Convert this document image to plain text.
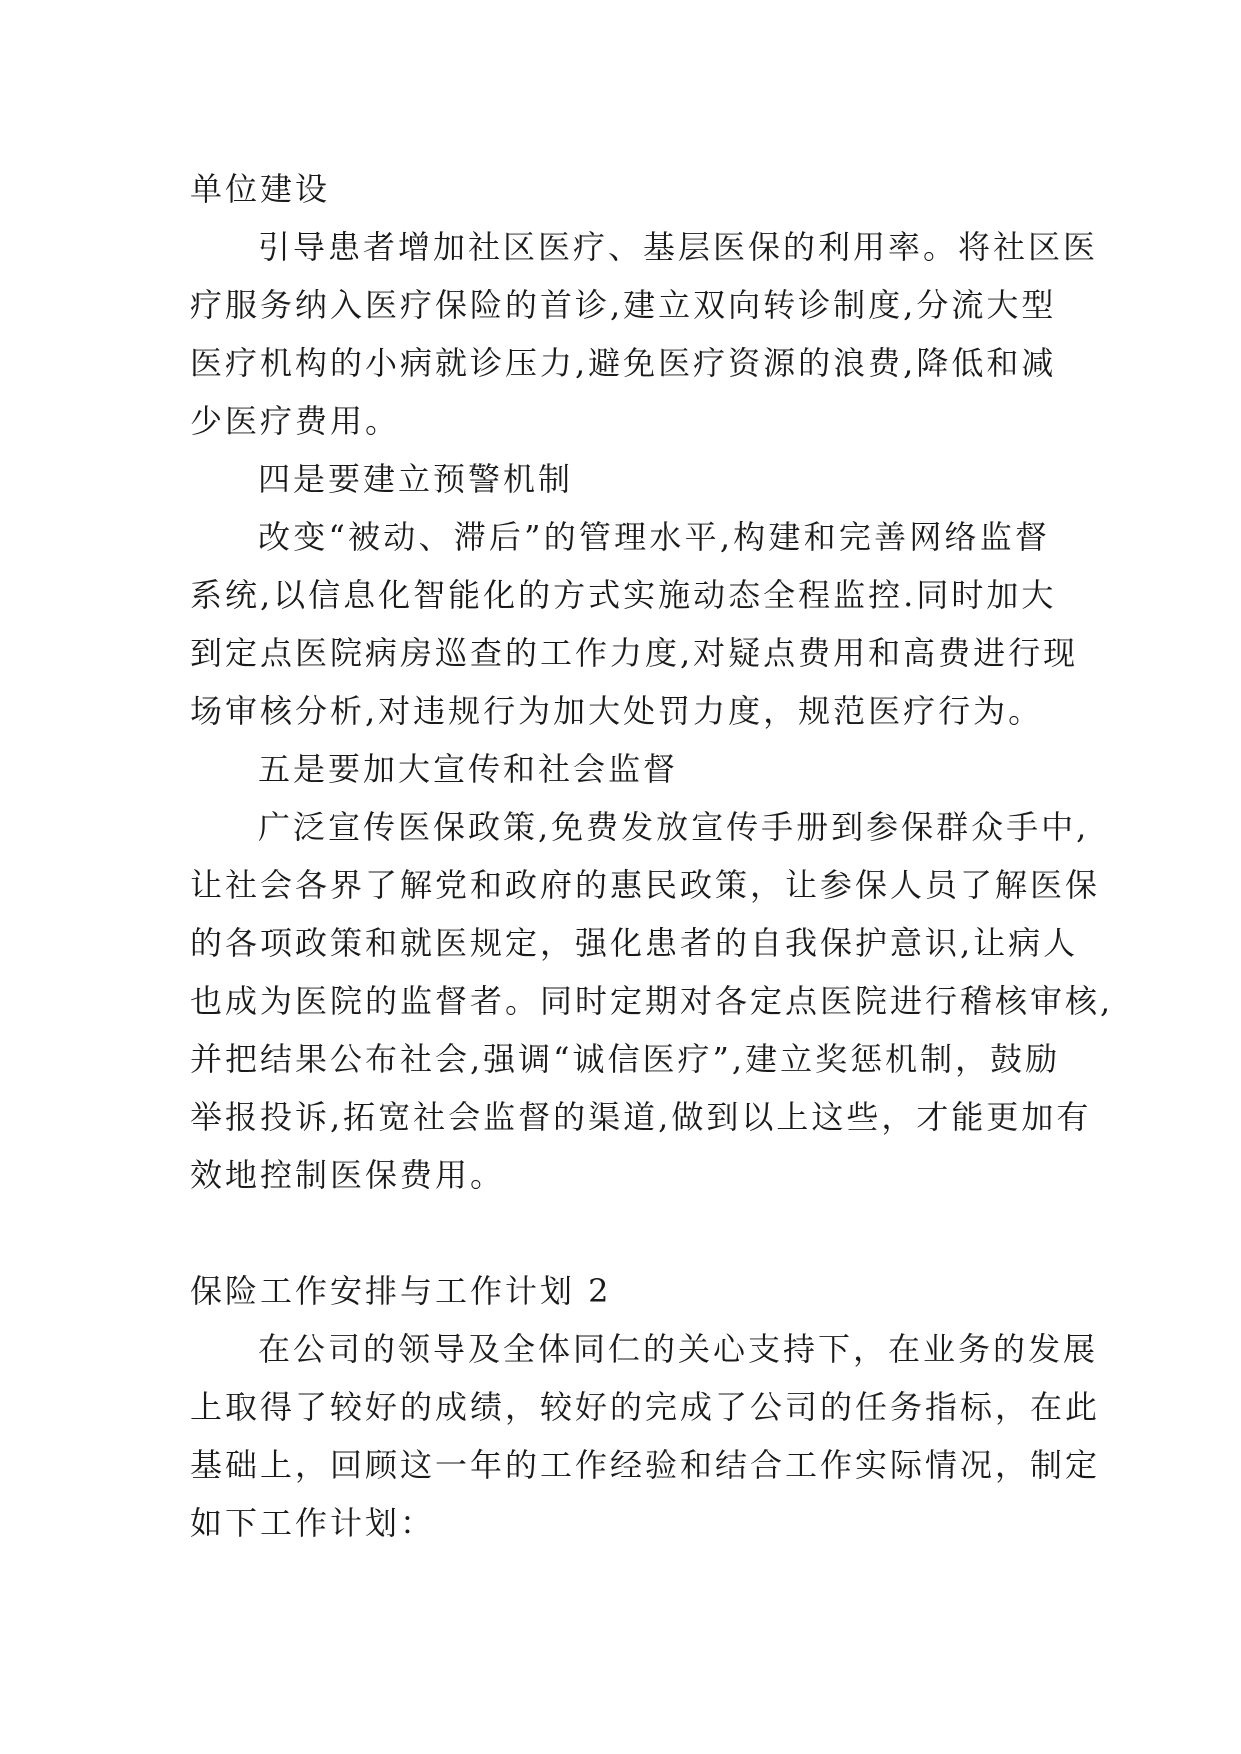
单位建设
引导患者增加社区医疗、基层医保的利用率。将社区医
疗服务纳入医疗保险的首诊,建立双向转诊制度,分流大型
医疗机构的小病就诊压力,避免医疗资源的浪费,降低和减
少医疗费用。
四是要建立预警机制
改变“被动、滞后”的管理水平,构建和完善网络监督
系统,以信息化智能化的方式实施动态全程监控.同时加大
到定点医院病房巡查的工作力度,对疑点费用和高费进行现
场审核分析,对违规行为加大处罚力度，规范医疗行为。
五是要加大宣传和社会监督
广泛宣传医保政策,免费发放宣传手册到参保群众手中,
让社会各界了解党和政府的惠民政策，让参保人员了解医保
的各项政策和就医规定，强化患者的自我保护意识,让病人
也成为医院的监督者。同时定期对各定点医院进行稽核审核,
并把结果公布社会,强调“诚信医疗”,建立奖惩机制，鼓励
举报投诉,拓宽社会监督的渠道,做到以上这些，才能更加有
效地控制医保费用。
保险工作安排与工作计划 2
在公司的领导及全体同仁的关心支持下，在业务的发展
上取得了较好的成绩，较好的完成了公司的任务指标，在此
基础上，回顾这一年的工作经验和结合工作实际情况，制定
如下工作计划：
